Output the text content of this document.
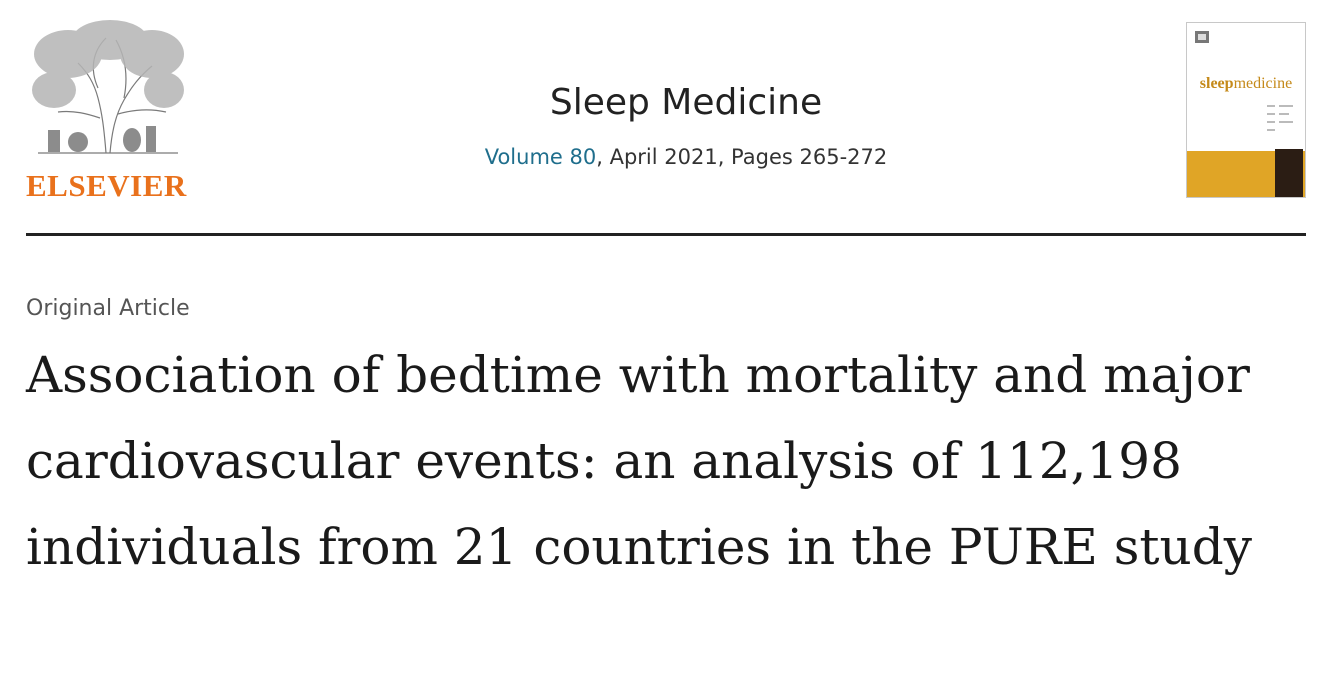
ELSEVIER
Sleep Medicine
Volume 80, April 2021, Pages 265-272
sleepmedicine
Original Article
Association of bedtime with mortality and major cardiovascular events: an analysis of 112,198 individuals from 21 countries in the PURE study
